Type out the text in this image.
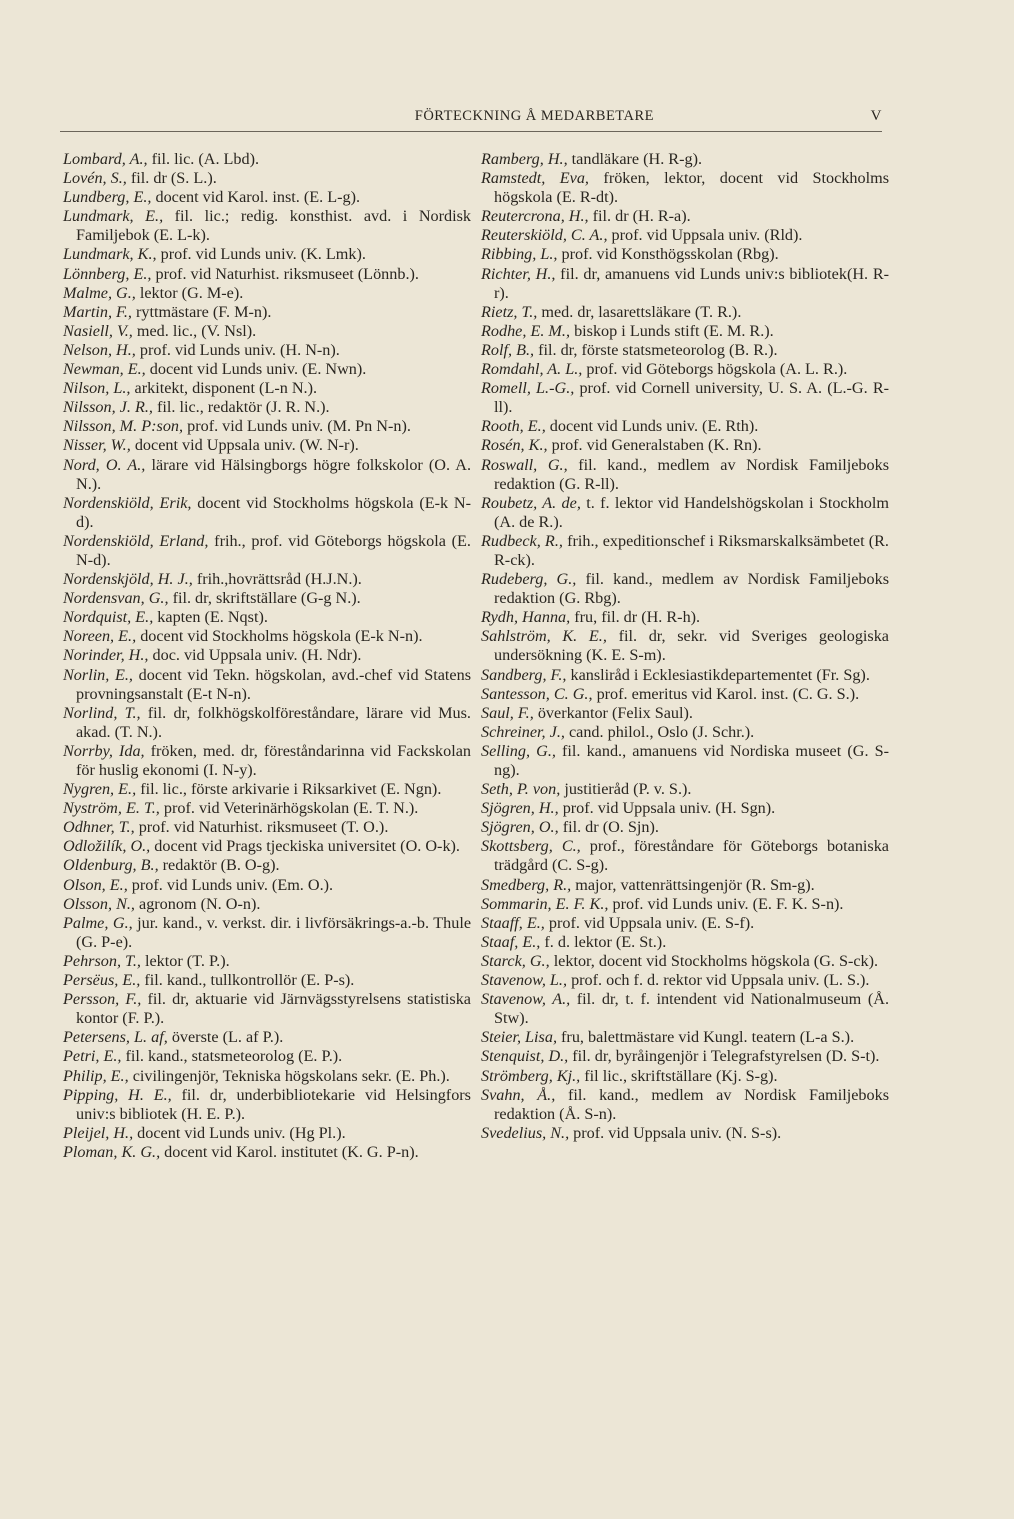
FÖRTECKNING Å MEDARBETARE	V
Lombard, A., fil. lic. (A. Lbd).
Lovén, S., fil. dr (S. L.).
Lundberg, E., docent vid Karol. inst. (E. L-g).
Lundmark, E., fil. lic.; redig. konsthist. avd. i Nordisk Familjebok (E. L-k).
Lundmark, K., prof. vid Lunds univ. (K. Lmk).
Lönnberg, E., prof. vid Naturhist. riksmuseet (Lönnb.).
Malme, G., lektor (G. M-e).
Martin, F., ryttmästare (F. M-n).
Nasiell, V., med. lic., (V. Nsl).
Nelson, H., prof. vid Lunds univ. (H. N-n).
Newman, E., docent vid Lunds univ. (E. Nwn).
Nilson, L., arkitekt, disponent (L-n N.).
Nilsson, J. R., fil. lic., redaktör (J. R. N.).
Nilsson, M. P:son, prof. vid Lunds univ. (M. Pn N-n).
Nisser, W., docent vid Uppsala univ. (W. N-r).
Nord, O. A., lärare vid Hälsingborgs högre folkskolor (O. A. N.).
Nordenskiöld, Erik, docent vid Stockholms högskola (E-k N-d).
Nordenskiöld, Erland, frih., prof. vid Göteborgs högskola (E. N-d).
Nordenskjöld, H. J., frih.,hovrättsråd (H.J.N.).
Nordensvan, G., fil. dr, skriftställare (G-g N.).
Nordquist, E., kapten (E. Nqst).
Noreen, E., docent vid Stockholms högskola (E-k N-n).
Norinder, H., doc. vid Uppsala univ. (H. Ndr).
Norlin, E., docent vid Tekn. högskolan, avd.-chef vid Statens provningsanstalt (E-t N-n).
Norlind, T., fil. dr, folkhögskolföreståndare, lärare vid Mus. akad. (T. N.).
Norrby, Ida, fröken, med. dr, föreståndarinna vid Fackskolan för huslig ekonomi (I. N-y).
Nygren, E., fil. lic., förste arkivarie i Riksarkivet (E. Ngn).
Nyström, E. T., prof. vid Veterinärhögskolan (E. T. N.).
Odhner, T., prof. vid Naturhist. riksmuseet (T. O.).
Odložilík, O., docent vid Prags tjeckiska universitet (O. O-k).
Oldenburg, B., redaktör (B. O-g).
Olson, E., prof. vid Lunds univ. (Em. O.).
Olsson, N., agronom (N. O-n).
Palme, G., jur. kand., v. verkst. dir. i livförsäkrings-a.-b. Thule (G. P-e).
Pehrson, T., lektor (T. P.).
Persëus, E., fil. kand., tullkontrollör (E. P-s).
Persson, F., fil. dr, aktuarie vid Järnvägsstyrelsens statistiska kontor (F. P.).
Petersens, L. af, överste (L. af P.).
Petri, E., fil. kand., statsmeteorolog (E. P.).
Philip, E., civilingenjör, Tekniska högskolans sekr. (E. Ph.).
Pipping, H. E., fil. dr, underbibliotekarie vid Helsingfors univ:s bibliotek (H. E. P.).
Pleijel, H., docent vid Lunds univ. (Hg Pl.).
Ploman, K. G., docent vid Karol. institutet (K. G. P-n).
Ramberg, H., tandläkare (H. R-g).
Ramstedt, Eva, fröken, lektor, docent vid Stockholms högskola (E. R-dt).
Reutercrona, H., fil. dr (H. R-a).
Reuterskiöld, C. A., prof. vid Uppsala univ. (Rld).
Ribbing, L., prof. vid Konsthögsskolan (Rbg).
Richter, H., fil. dr, amanuens vid Lunds univ:s bibliotek(H. R-r).
Rietz, T., med. dr, lasarettsläkare (T. R.).
Rodhe, E. M., biskop i Lunds stift (E. M. R.).
Rolf, B., fil. dr, förste statsmeteorolog (B. R.).
Romdahl, A. L., prof. vid Göteborgs högskola (A. L. R.).
Romell, L.-G., prof. vid Cornell university, U. S. A. (L.-G. R-ll).
Rooth, E., docent vid Lunds univ. (E. Rth).
Rosén, K., prof. vid Generalstaben (K. Rn).
Roswall, G., fil. kand., medlem av Nordisk Familjeboks redaktion (G. R-ll).
Roubetz, A. de, t. f. lektor vid Handelshögskolan i Stockholm (A. de R.).
Rudbeck, R., frih., expeditionschef i Riksmarskalksämbetet (R. R-ck).
Rudeberg, G., fil. kand., medlem av Nordisk Familjeboks redaktion (G. Rbg).
Rydh, Hanna, fru, fil. dr (H. R-h).
Sahlström, K. E., fil. dr, sekr. vid Sveriges geologiska undersökning (K. E. S-m).
Sandberg, F., kansliråd i Ecklesiastikdepartementet (Fr. Sg).
Santesson, C. G., prof. emeritus vid Karol. inst. (C. G. S.).
Saul, F., överkantor (Felix Saul).
Schreiner, J., cand. philol., Oslo (J. Schr.).
Selling, G., fil. kand., amanuens vid Nordiska museet (G. S-ng).
Seth, P. von, justitieråd (P. v. S.).
Sjögren, H., prof. vid Uppsala univ. (H. Sgn).
Sjögren, O., fil. dr (O. Sjn).
Skottsberg, C., prof., föreståndare för Göteborgs botaniska trädgård (C. S-g).
Smedberg, R., major, vattenrättsingenjör (R. Sm-g).
Sommarin, E. F. K., prof. vid Lunds univ. (E. F. K. S-n).
Staaff, E., prof. vid Uppsala univ. (E. S-f).
Staaf, E., f. d. lektor (E. St.).
Starck, G., lektor, docent vid Stockholms högskola (G. S-ck).
Stavenow, L., prof. och f. d. rektor vid Uppsala univ. (L. S.).
Stavenow, A., fil. dr, t. f. intendent vid Nationalmuseum (Å. Stw).
Steier, Lisa, fru, balettmästare vid Kungl. teatern (L-a S.).
Stenquist, D., fil. dr, byråingenjör i Telegrafstyrelsen (D. S-t).
Strömberg, Kj., fil lic., skriftställare (Kj. S-g).
Svahn, Å., fil. kand., medlem av Nordisk Familjeboks redaktion (Å. S-n).
Svedelius, N., prof. vid Uppsala univ. (N. S-s).
